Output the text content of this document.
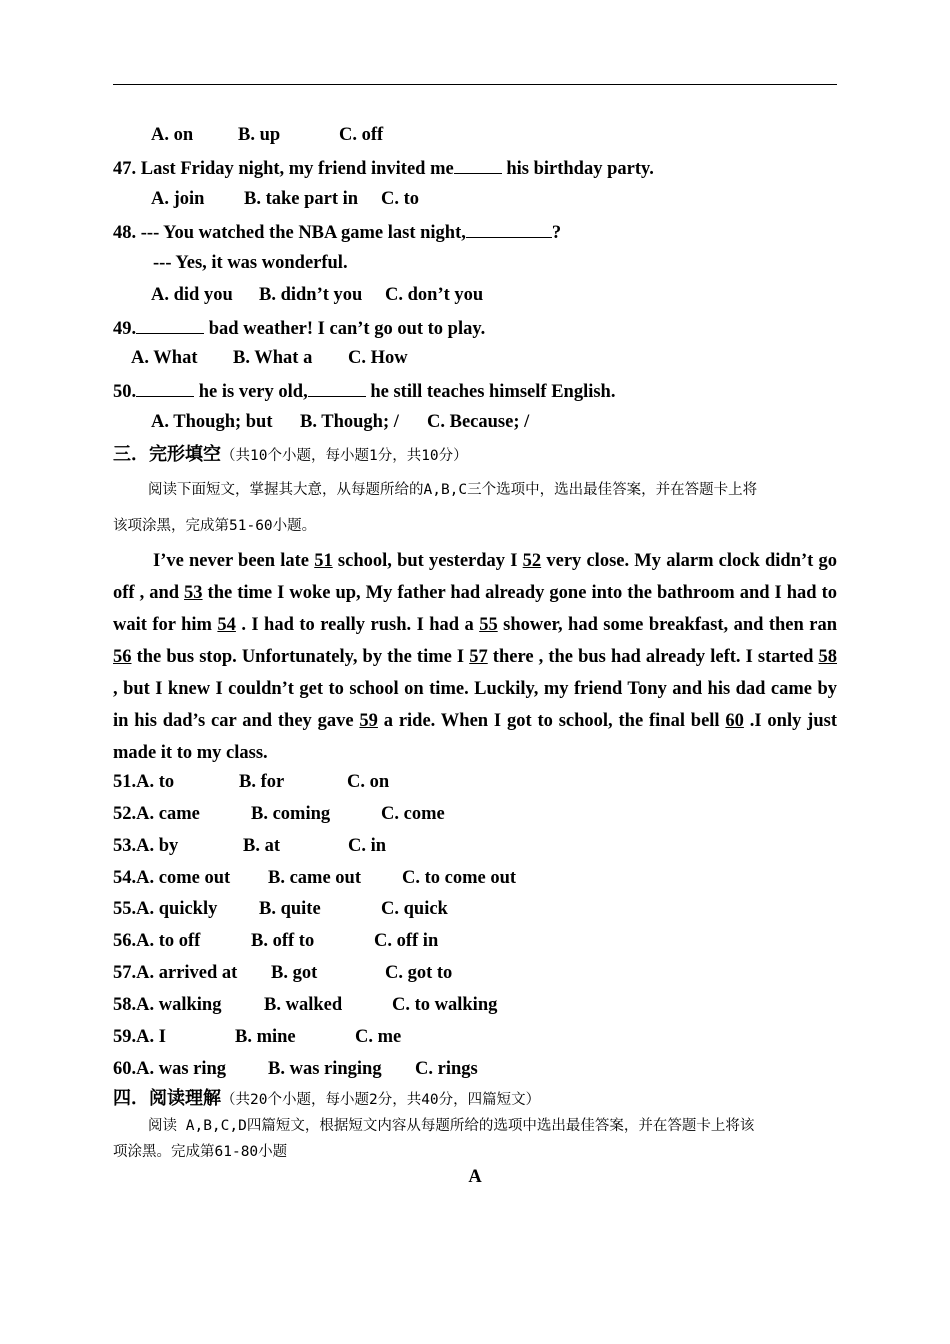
A. on B. up	C. off
47. Last Friday night, my friend invited me	his birthday party.
A. join B. take part in C. to
48. --- You watched the NBA game last night,	?
--- Yes, it was wonderful.
A. did you B. didn’t you C. don’t you
49.	bad weather! I can’t go out to play.
A. What B. What a C. How
50.	he is very old,	he still teaches himself English.
A. Though; but B. Though; / C. Because; /
三．完形填空（共10个小题，每小题1分，共10分）
阅读下面短文，掌握其大意，从每题所给的A,B,C三个选项中，选出最佳答案，并在答题卡上将
该项涂黑，完成第51-60小题。
I’ve never been late 51 school, but yesterday I 52 very close. My alarm clock didn’t go off , and 53 the time I woke up, My father had already gone into the bathroom and I had to wait for him 54 . I had to really rush. I had a 55 shower, had some breakfast, and then ran 56 the bus stop. Unfortunately, by the time I 57 there , the bus had already left. I started 58 , but I knew I couldn’t get to school on time. Luckily, my friend Tony and his dad came by in his dad’s car and they gave 59 a ride. When I got to school, the final bell 60 .I only just made it to my class.
51.A. to	B. for	C. on
52.A. came	B. coming	C. come
53.A. by	B. at	C. in
54.A. come out B. came out C. to come out
55.A. quickly B. quite	C. quick
56.A. to off	B. off to	C. off in
57.A. arrived at B. got	C. got to
58.A. walking B. walked	C. to walking
59.A. I	B. mine	C. me
60.A. was ring B. was ringing C. rings
四．阅读理解（共20个小题，每小题2分，共40分，四篇短文）
阅读 A,B,C,D四篇短文，根据短文内容从每题所给的选项中选出最佳答案，并在答题卡上将该
项涂黑。完成第61-80小题
A
